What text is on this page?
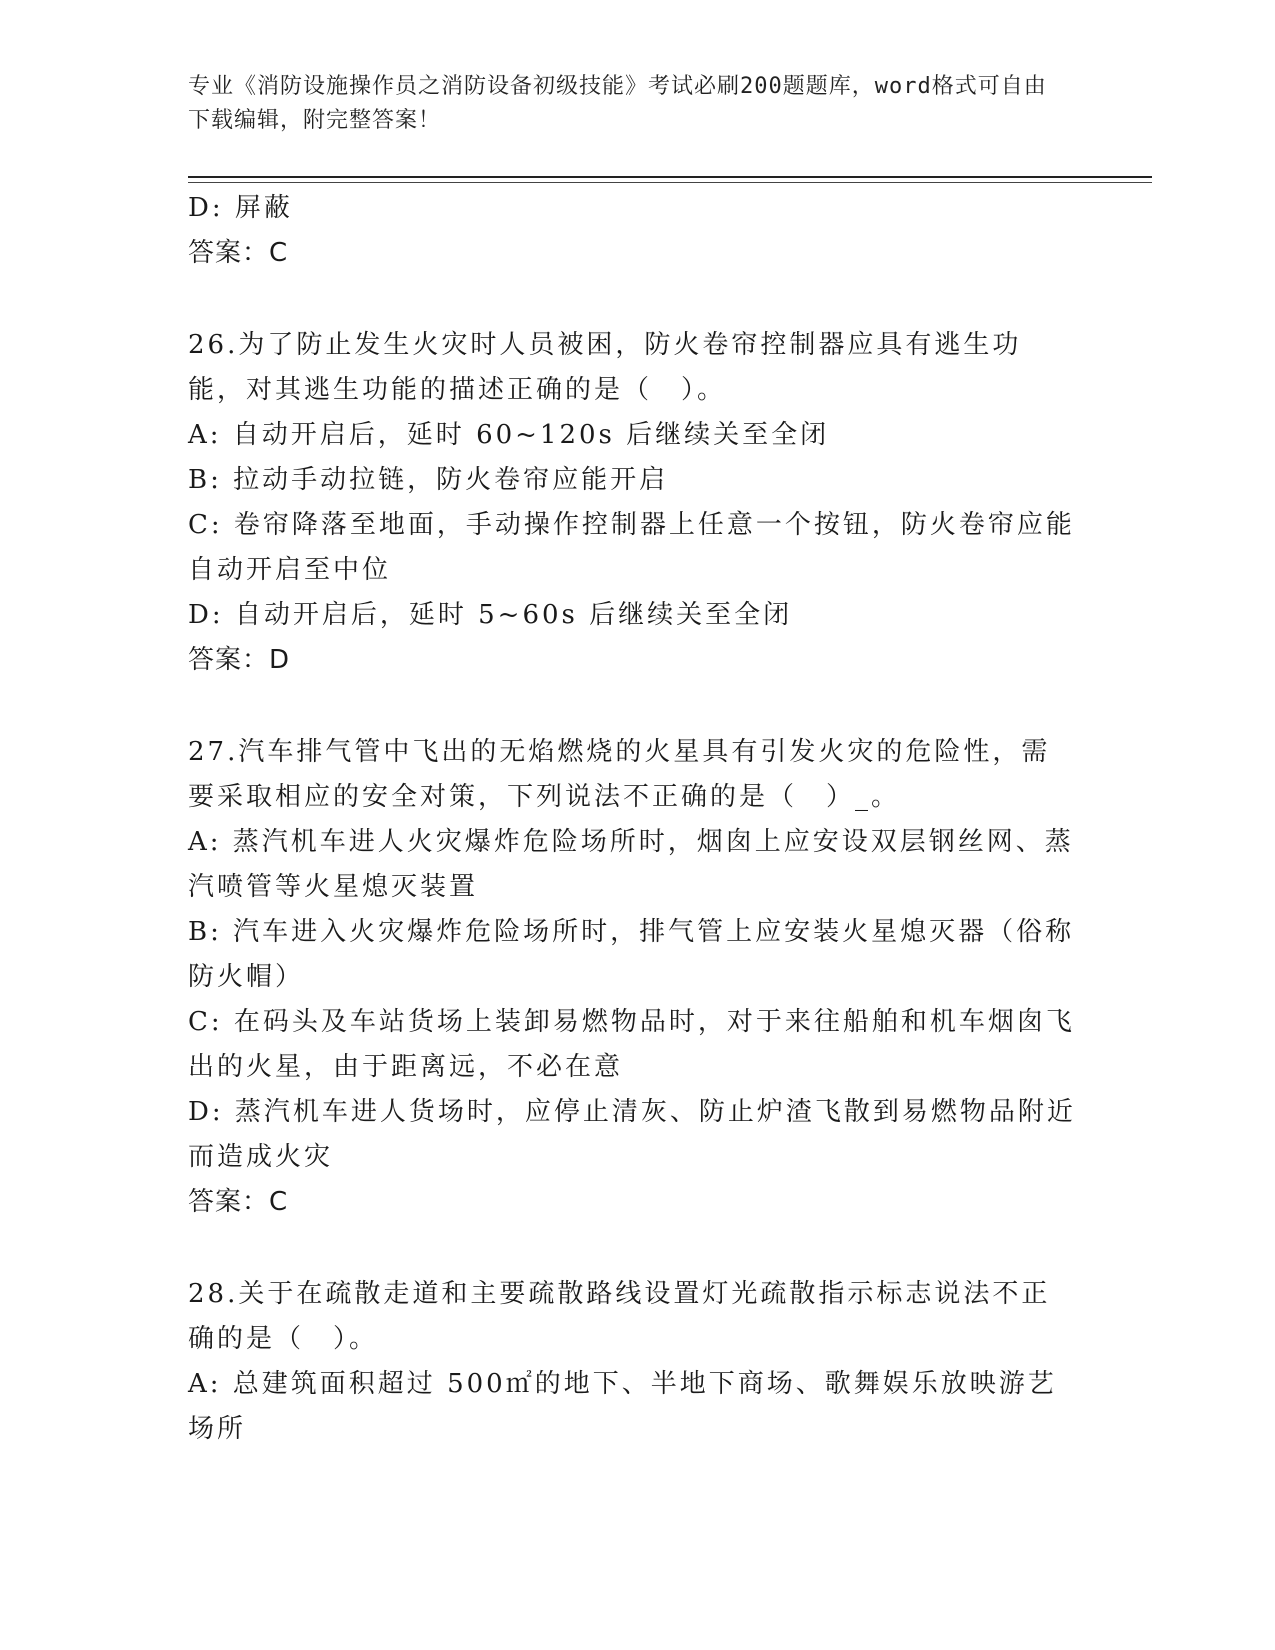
专业《消防设施操作员之消防设备初级技能》考试必刷200题题库，word格式可自由下载编辑，附完整答案！
D: 屏蔽
答案：C
26.为了防止发生火灾时人员被困，防火卷帘控制器应具有逃生功能，对其逃生功能的描述正确的是（　）。
A: 自动开启后，延时 60~120s 后继续关至全闭
B: 拉动手动拉链，防火卷帘应能开启
C: 卷帘降落至地面，手动操作控制器上任意一个按钮，防火卷帘应能自动开启至中位
D: 自动开启后，延时 5~60s 后继续关至全闭
答案：D
27.汽车排气管中飞出的无焰燃烧的火星具有引发火灾的危险性，需要采取相应的安全对策，下列说法不正确的是（　）_。
A: 蒸汽机车进人火灾爆炸危险场所时，烟囱上应安设双层钢丝网、蒸汽喷管等火星熄灭装置
B: 汽车进入火灾爆炸危险场所时，排气管上应安装火星熄灭器（俗称防火帽）
C: 在码头及车站货场上装卸易燃物品时，对于来往船舶和机车烟囱飞出的火星，由于距离远，不必在意
D: 蒸汽机车进人货场时，应停止清灰、防止炉渣飞散到易燃物品附近而造成火灾
答案：C
28.关于在疏散走道和主要疏散路线设置灯光疏散指示标志说法不正确的是（　）。
A: 总建筑面积超过 500㎡的地下、半地下商场、歌舞娱乐放映游艺场所
